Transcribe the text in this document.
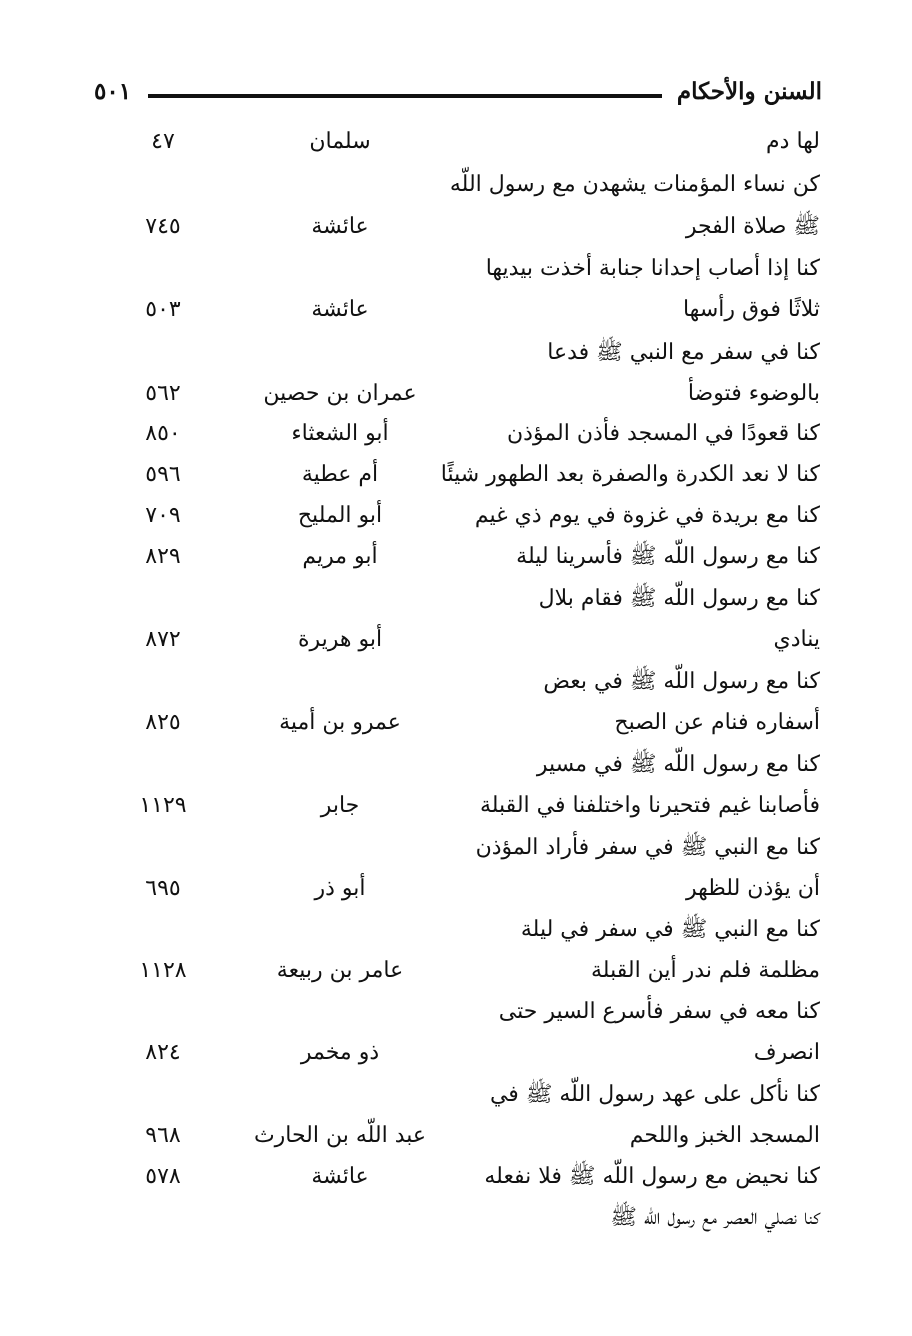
السنن والأحكام
٥٠١
لها دم
سلمان
٤٧
كن نساء المؤمنات يشهدن مع رسول اللّه
ﷺ صلاة الفجر
عائشة
٧٤٥
كنا إذا أصاب إحدانا جنابة أخذت بيديها
ثلاثًا فوق رأسها
عائشة
٥٠٣
كنا في سفر مع النبي ﷺ فدعا
بالوضوء فتوضأ
عمران بن حصين
٥٦٢
كنا قعودًا في المسجد فأذن المؤذن
أبو الشعثاء
٨٥٠
كنا لا نعد الكدرة والصفرة بعد الطهور شيئًا
أم عطية
٥٩٦
كنا مع بريدة في غزوة في يوم ذي غيم
أبو المليح
٧٠٩
كنا مع رسول اللّه ﷺ فأسرينا ليلة
أبو مريم
٨٢٩
كنا مع رسول اللّه ﷺ فقام بلال
ينادي
أبو هريرة
٨٧٢
كنا مع رسول اللّه ﷺ في بعض
أسفاره فنام عن الصبح
عمرو بن أمية
٨٢٥
كنا مع رسول اللّه ﷺ في مسير
فأصابنا غيم فتحيرنا واختلفنا في القبلة
جابر
١١٢٩
كنا مع النبي ﷺ في سفر فأراد المؤذن
أن يؤذن للظهر
أبو ذر
٦٩٥
كنا مع النبي ﷺ في سفر في ليلة
مظلمة فلم ندر أين القبلة
عامر بن ربيعة
١١٢٨
كنا معه في سفر فأسرع السير حتى
انصرف
ذو مخمر
٨٢٤
كنا نأكل على عهد رسول اللّه ﷺ في
المسجد الخبز واللحم
عبد اللّه بن الحارث
٩٦٨
كنا نحيض مع رسول اللّه ﷺ فلا نفعله
عائشة
٥٧٨
كنا نصلي العصر مع رسول اللّه ﷺ
